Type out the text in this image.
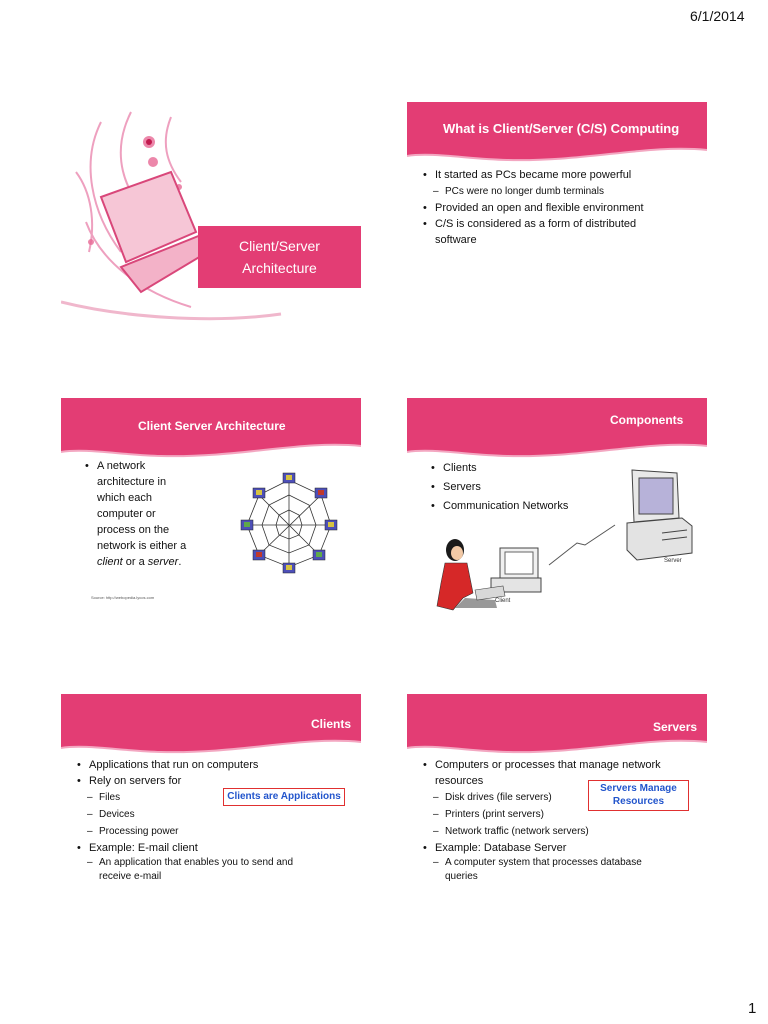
6/1/2014
Client/Server
Architecture
What is Client/Server (C/S) Computing
• It started as PCs became more powerful
– PCs were no longer dumb terminals
• Provided an open and flexible environment
• C/S is considered as a form of distributed software
Client Server Architecture
• A network
architecture in
which each
computer or
process on the
network is either a
client or a server.
Source: http://webopedia.lycos.com
Components
• Clients
• Servers
• Communication Networks
Server
Client
Clients
• Applications that run on computers
• Rely on servers for
– Files
– Devices
– Processing power
• Example: E-mail client
– An application that enables you to send and receive e-mail
Clients are Applications
Servers
• Computers or processes that manage network resources
– Disk drives (file servers)
– Printers (print servers)
– Network traffic (network servers)
• Example: Database Server
– A computer system that processes database queries
Servers Manage
Resources
1
